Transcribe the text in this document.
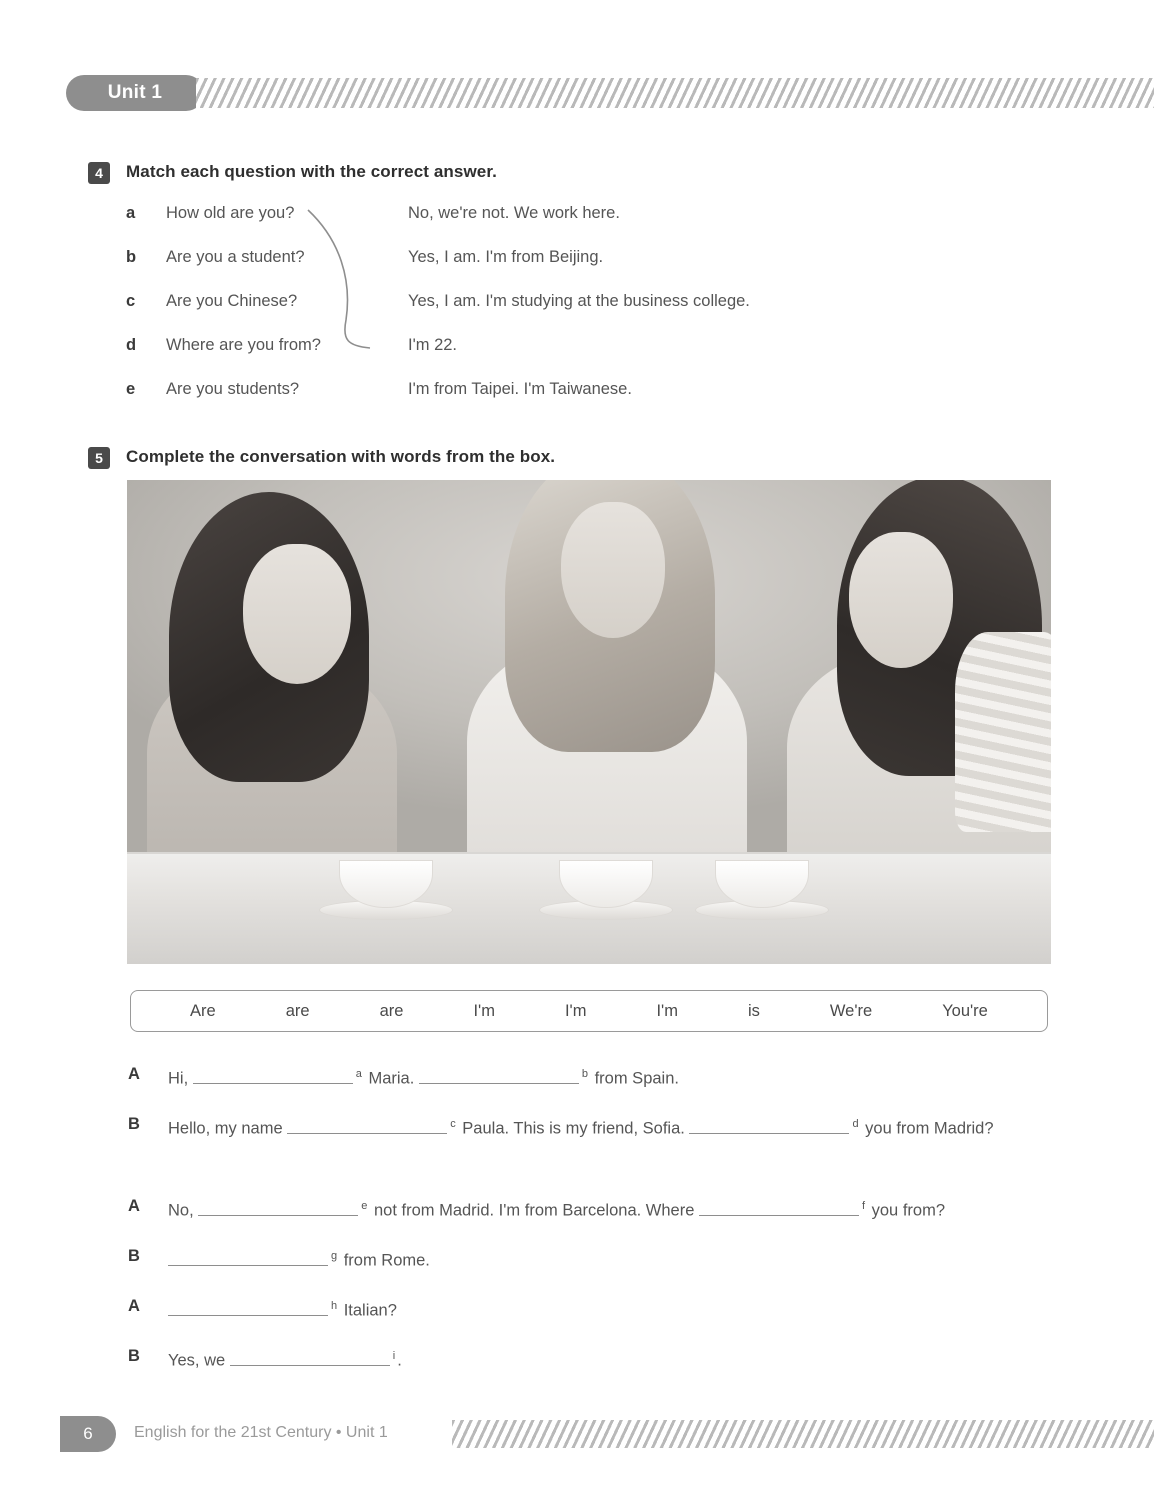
Unit 1
4	Match each question with the correct answer.
a	How old are you?	No, we're not. We work here.
b	Are you a student?	Yes, I am. I'm from Beijing.
c	Are you Chinese?	Yes, I am. I'm studying at the business college.
d	Where are you from?	I'm 22.
e	Are you students?	I'm from Taipei. I'm Taiwanese.
5	Complete the conversation with words from the box.
Are	are	are	I'm	I'm	I'm	is	We're	You're
A Hi,	$^a$ Maria.	$^b$ from Spain.
B Hello, my name	$^c$ Paula. This is my friend, Sofia.	$^d$ you from Madrid?
A No,	$^e$ not from Madrid. I'm from Barcelona. Where	$^f$ you from?
B	$^g$ from Rome.
A	$^h$ Italian?
B Yes, we	$^i$ .
6	English for the 21st Century • Unit 1
